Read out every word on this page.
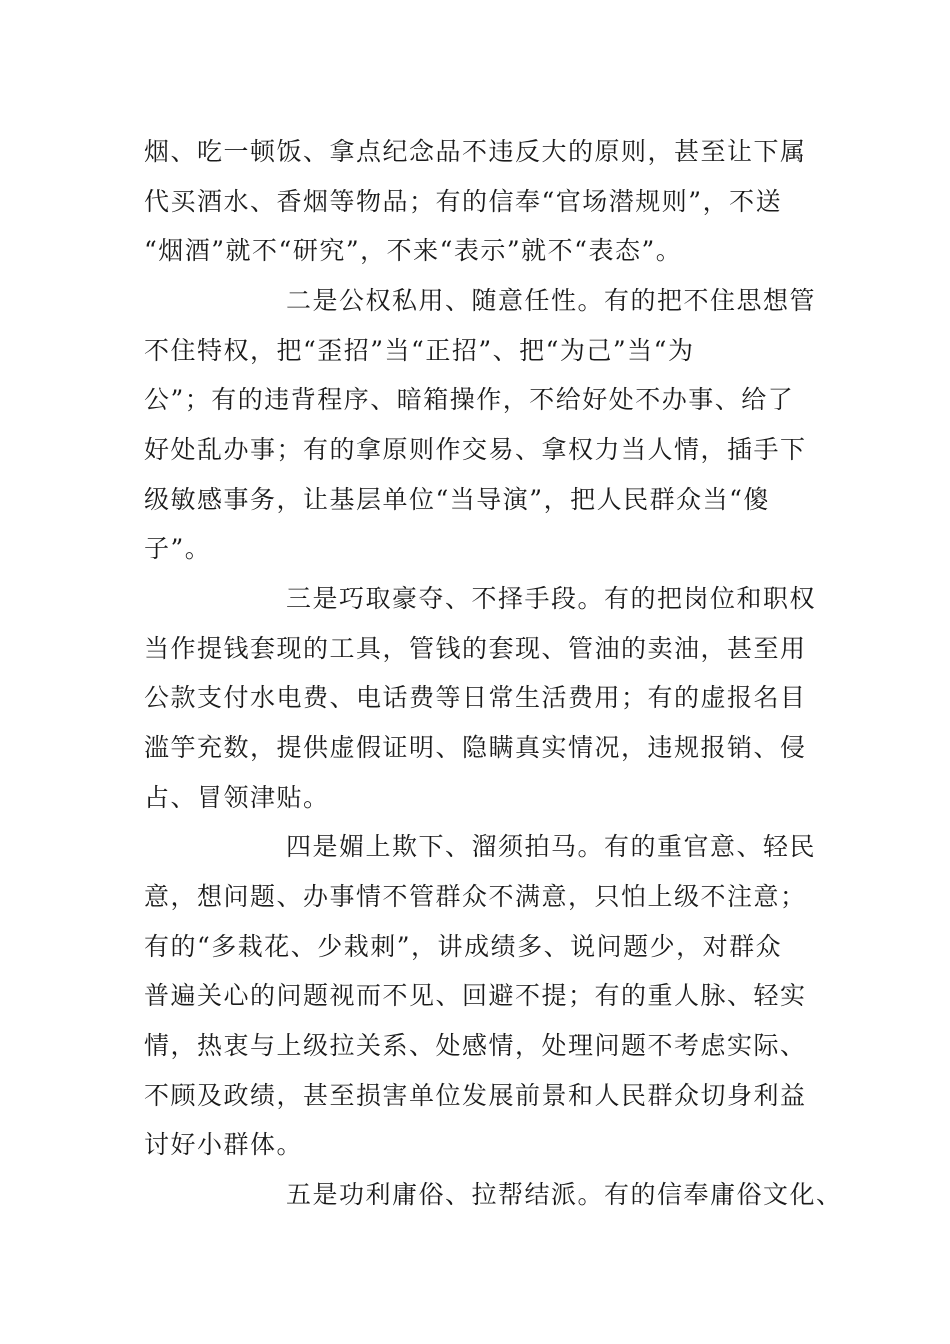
烟、吃一顿饭、拿点纪念品不违反大的原则，甚至让下属
代买酒水、香烟等物品；有的信奉“官场潜规则”，不送
“烟酒”就不“研究”，不来“表示”就不“表态”。
二是公权私用、随意任性。有的把不住思想管
不住特权，把“歪招”当“正招”、把“为己”当“为
公”；有的违背程序、暗箱操作，不给好处不办事、给了
好处乱办事；有的拿原则作交易、拿权力当人情，插手下
级敏感事务，让基层单位“当导演”，把人民群众当“傻
子”。
三是巧取豪夺、不择手段。有的把岗位和职权
当作提钱套现的工具，管钱的套现、管油的卖油，甚至用
公款支付水电费、电话费等日常生活费用；有的虚报名目
滥竽充数，提供虚假证明、隐瞒真实情况，违规报销、侵
占、冒领津贴。
四是媚上欺下、溜须拍马。有的重官意、轻民
意，想问题、办事情不管群众不满意，只怕上级不注意；
有的“多栽花、少栽刺”，讲成绩多、说问题少，对群众
普遍关心的问题视而不见、回避不提；有的重人脉、轻实
情，热衷与上级拉关系、处感情，处理问题不考虑实际、
不顾及政绩，甚至损害单位发展前景和人民群众切身利益
讨好小群体。
五是功利庸俗、拉帮结派。有的信奉庸俗文化、
